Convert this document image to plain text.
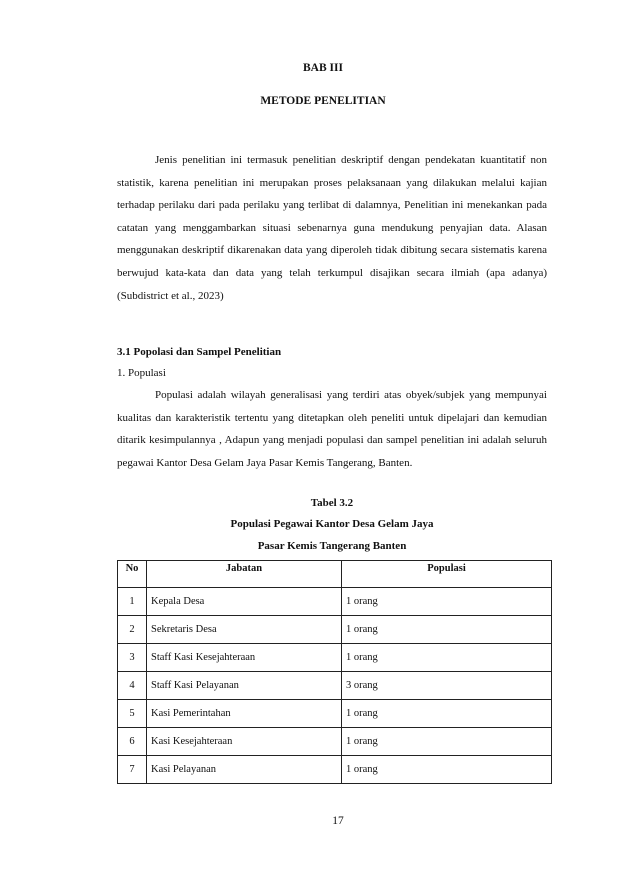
BAB III
METODE PENELITIAN
Jenis penelitian ini termasuk penelitian deskriptif dengan pendekatan kuantitatif non statistik, karena penelitian ini merupakan proses pelaksanaan yang dilakukan melalui kajian terhadap perilaku dari pada perilaku yang terlibat di dalamnya, Penelitian ini menekankan pada catatan yang menggambarkan situasi sebenarnya guna mendukung penyajian data. Alasan menggunakan deskriptif dikarenakan data yang diperoleh tidak dibitung secara sistematis karena berwujud kata-kata dan data yang telah terkumpul disajikan secara ilmiah (apa adanya) (Subdistrict et al., 2023)
3.1 Popolasi dan Sampel Penelitian
1. Populasi
Populasi adalah wilayah generalisasi yang terdiri atas obyek/subjek yang mempunyai kualitas dan karakteristik tertentu yang ditetapkan oleh peneliti untuk dipelajari dan kemudian ditarik kesimpulannya , Adapun yang menjadi populasi dan sampel penelitian ini adalah seluruh pegawai Kantor Desa Gelam Jaya Pasar Kemis Tangerang, Banten.
Tabel 3.2
Populasi Pegawai Kantor Desa Gelam Jaya
Pasar Kemis Tangerang Banten
No	Jabatan	Populasi
1	Kepala Desa	1 orang
2	Sekretaris Desa	1 orang
3	Staff Kasi Kesejahteraan	1 orang
4	Staff Kasi Pelayanan	3 orang
5	Kasi Pemerintahan	1 orang
6	Kasi Kesejahteraan	1 orang
7	Kasi Pelayanan	1 orang
17
